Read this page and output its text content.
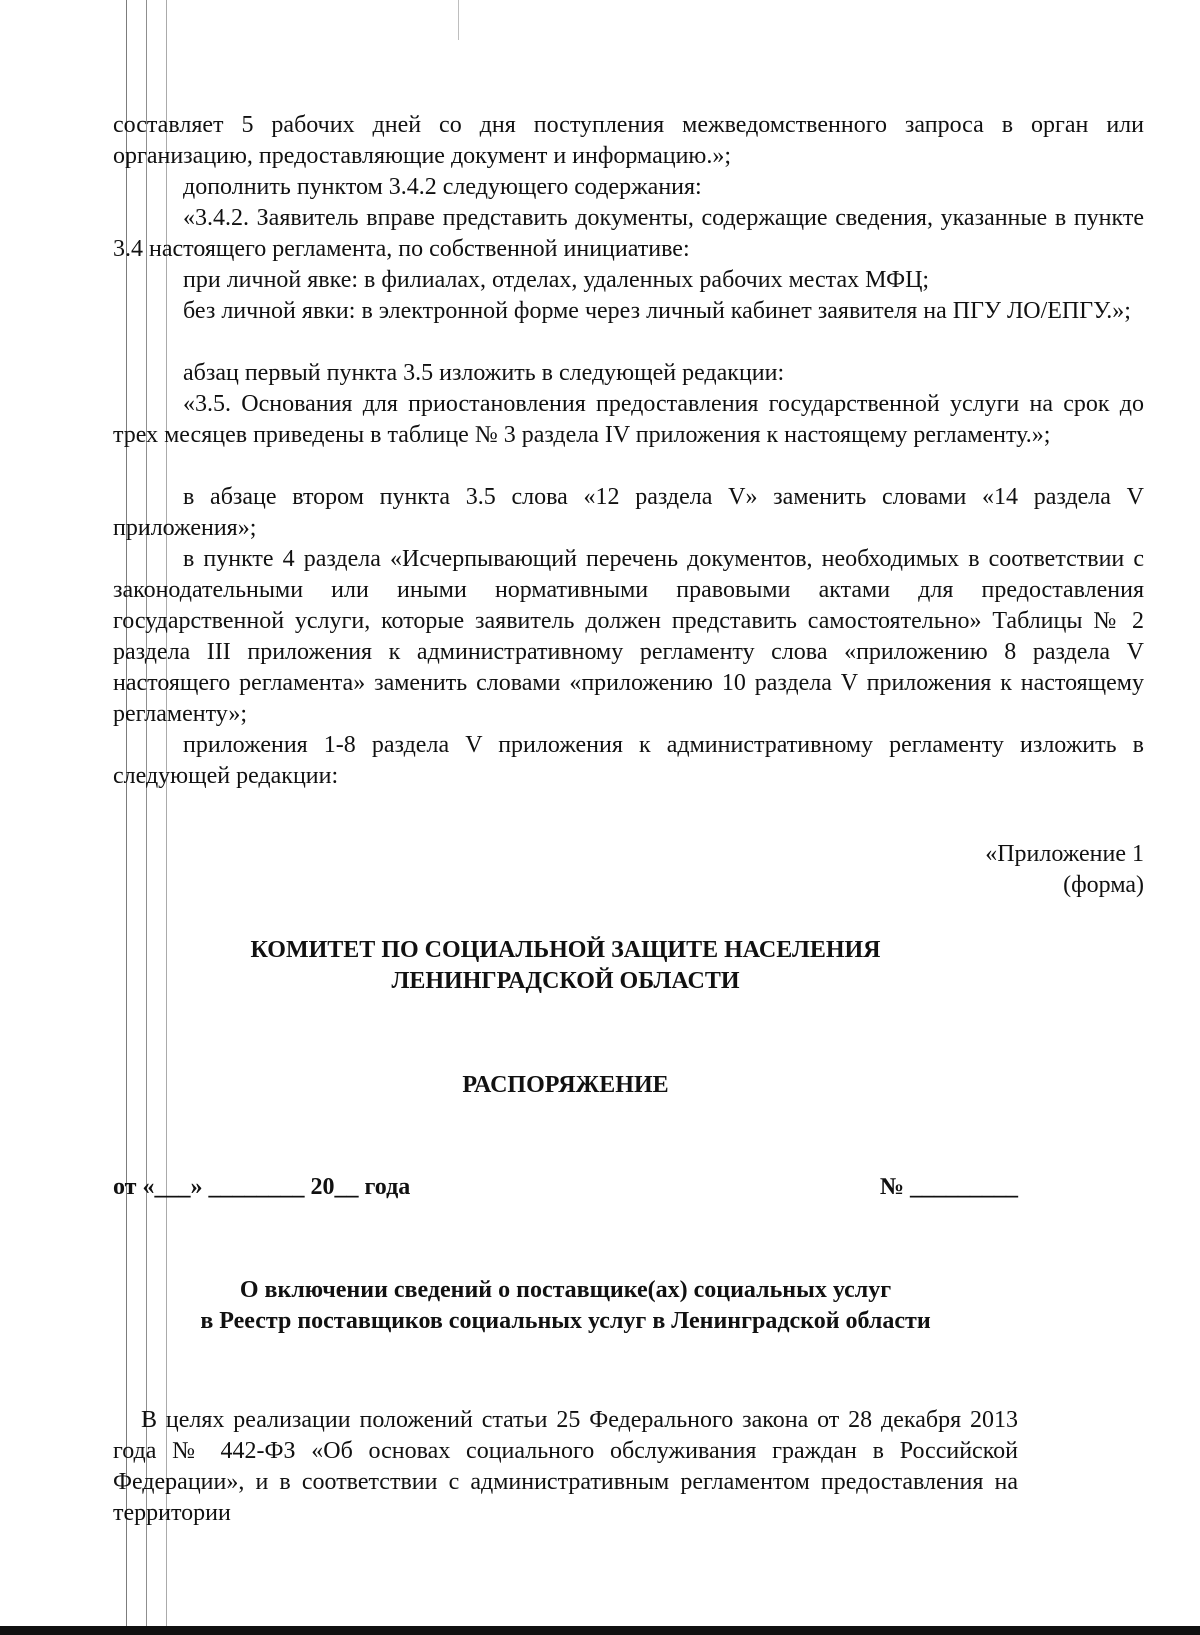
составляет 5 рабочих дней со дня поступления межведомственного запроса в орган или организацию, предоставляющие документ и информацию.»;

дополнить пунктом 3.4.2 следующего содержания:

«3.4.2. Заявитель вправе представить документы, содержащие сведения, указанные в пункте 3.4 настоящего регламента, по собственной инициативе:

при личной явке: в филиалах, отделах, удаленных рабочих местах МФЦ;

без личной явки: в электронной форме через личный кабинет заявителя на ПГУ ЛО/ЕПГУ.»;

абзац первый пункта 3.5 изложить в следующей редакции:

«3.5. Основания для приостановления предоставления государственной услуги на срок до трех месяцев приведены в таблице № 3 раздела IV приложения к настоящему регламенту.»;

в абзаце втором пункта 3.5 слова «12 раздела V» заменить словами «14 раздела V приложения»;

в пункте 4 раздела «Исчерпывающий перечень документов, необходимых в соответствии с законодательными или иными нормативными правовыми актами для предоставления государственной услуги, которые заявитель должен представить самостоятельно» Таблицы № 2 раздела III приложения к административному регламенту слова «приложению 8 раздела V настоящего регламента» заменить словами «приложению 10 раздела V приложения к настоящему регламенту»;

приложения 1-8 раздела V приложения к административному регламенту изложить в следующей редакции:

«Приложение 1
(форма)
КОМИТЕТ ПО СОЦИАЛЬНОЙ ЗАЩИТЕ НАСЕЛЕНИЯ
ЛЕНИНГРАДСКОЙ ОБЛАСТИ
РАСПОРЯЖЕНИЕ
от «___» ________ 20__ года	№ _________
О включении сведений о поставщике(ах) социальных услуг
в Реестр поставщиков социальных услуг в Ленинградской области

В целях реализации положений статьи 25 Федерального закона от 28 декабря 2013 года № 442-ФЗ «Об основах социального обслуживания граждан в Российской Федерации», и в соответствии с административным регламентом предоставления на территории
